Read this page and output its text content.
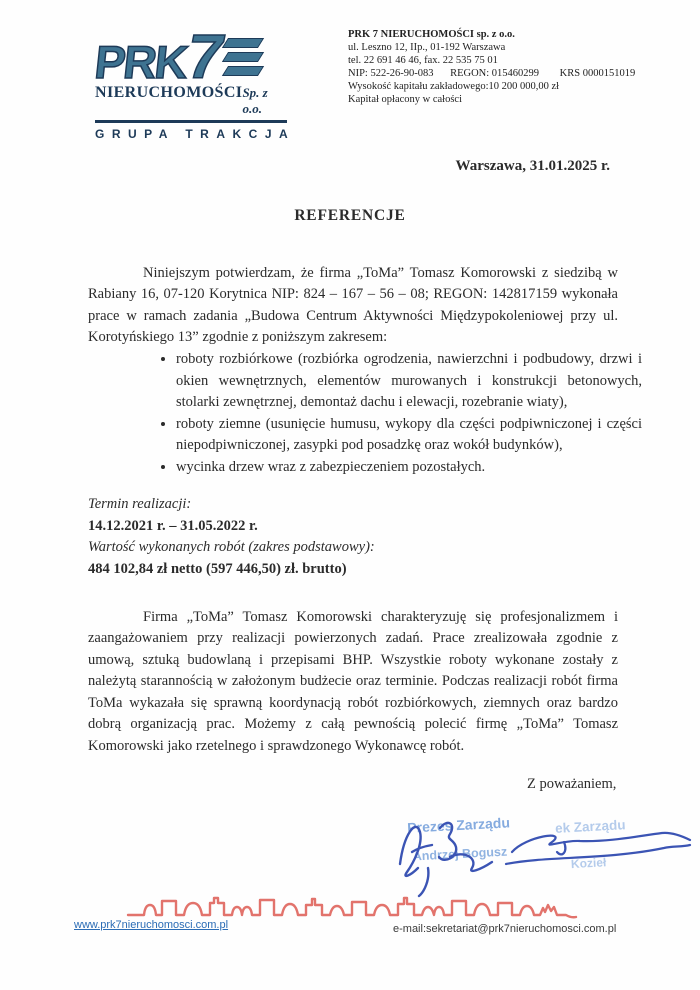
PRK 7
NIERUCHOMOŚCI Sp. z o.o.
GRUPA TRAKCJA
PRK 7 NIERUCHOMOŚCI sp. z o.o.
ul. Leszno 12, IIp., 01-192 Warszawa
tel. 22 691 46 46, fax. 22 535 75 01
NIP: 522-26-90-083 REGON: 015460299 KRS 0000151019
Wysokość kapitału zakładowego:10 200 000,00 zł
Kapitał opłacony w całości
Warszawa, 31.01.2025 r.
REFERENCJE

Niniejszym potwierdzam, że firma „ToMa” Tomasz Komorowski z siedzibą w Rabiany 16, 07-120 Korytnica NIP: 824 – 167 – 56 – 08; REGON: 142817159 wykonała prace w ramach zadania „Budowa Centrum Aktywności Międzypokoleniowej przy ul. Korotyńskiego 13” zgodnie z poniższym zakresem:

• roboty rozbiórkowe (rozbiórka ogrodzenia, nawierzchni i podbudowy, drzwi i okien wewnętrznych, elementów murowanych i konstrukcji betonowych, stolarki zewnętrznej, demontaż dachu i elewacji, rozebranie wiaty),
• roboty ziemne (usunięcie humusu, wykopy dla części podpiwniczonej i części niepodpiwniczonej, zasypki pod posadzkę oraz wokół budynków),
• wycinka drzew wraz z zabezpieczeniem pozostałych.
Termin realizacji:
14.12.2021 r. – 31.05.2022 r.
Wartość wykonanych robót (zakres podstawowy):
484 102,84 zł netto (597 446,50) zł. brutto)

Firma „ToMa” Tomasz Komorowski charakteryzuję się profesjonalizmem i zaangażowaniem przy realizacji powierzonych zadań. Prace zrealizowała zgodnie z umową, sztuką budowlaną i przepisami BHP. Wszystkie roboty wykonane zostały z należytą starannością w założonym budżecie oraz terminie. Podczas realizacji robót firma ToMa wykazała się sprawną koordynacją robót rozbiórkowych, ziemnych oraz bardzo dobrą organizacją prac. Możemy z całą pewnością polecić firmę „ToMa” Tomasz Komorowski jako rzetelnego i sprawdzonego Wykonawcę robót.

Z poważaniem,
Prezes Zarządu
Andrzej Bogusz
ek Zarządu
Kozieł
www.prk7nieruchomosci.com.pl	e-mail:sekretariat@prk7nieruchomosci.com.pl
